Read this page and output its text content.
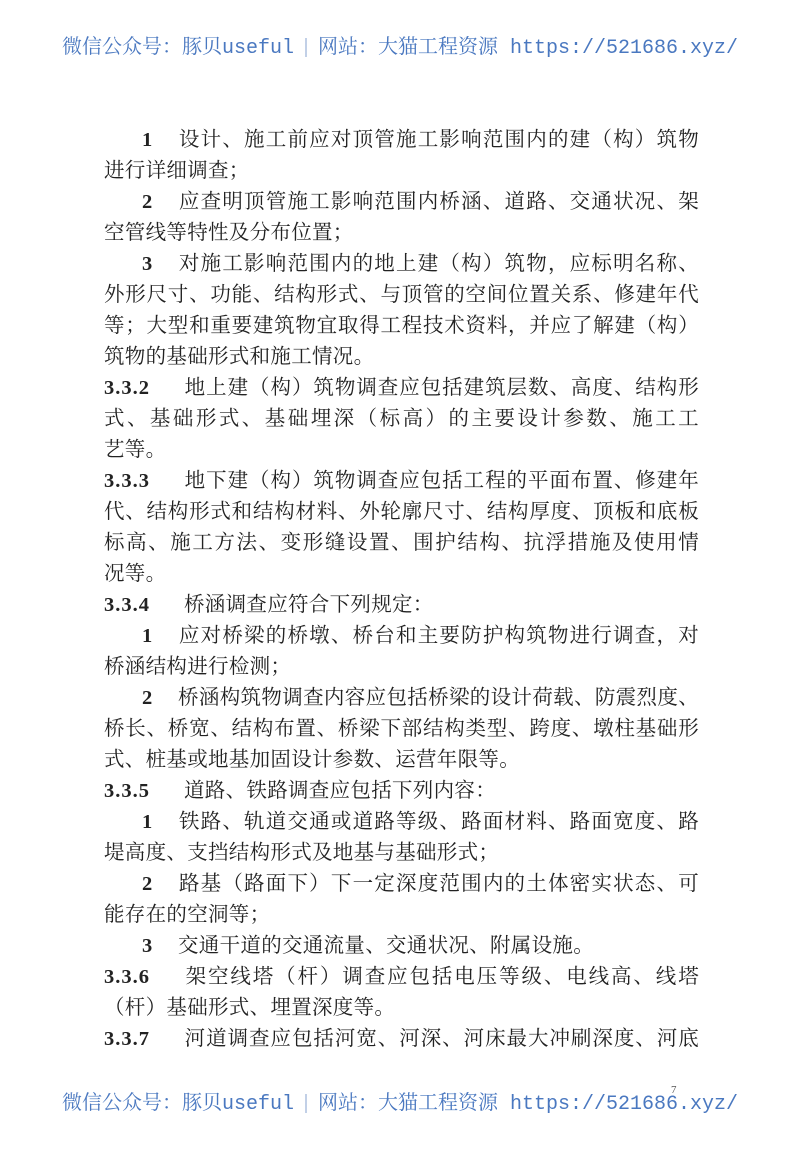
微信公众号：豚贝useful | 网站：大猫工程资源 https://521686.xyz/
1 设计、施工前应对顶管施工影响范围内的建（构）筑物
进行详细调查；
2 应查明顶管施工影响范围内桥涵、道路、交通状况、架
空管线等特性及分布位置；
3 对施工影响范围内的地上建（构）筑物，应标明名称、
外形尺寸、功能、结构形式、与顶管的空间位置关系、修建年代
等；大型和重要建筑物宜取得工程技术资料，并应了解建（构）
筑物的基础形式和施工情况。
3.3.2 地上建（构）筑物调查应包括建筑层数、高度、结构形
式、基础形式、基础埋深（标高）的主要设计参数、施工工
艺等。
3.3.3 地下建（构）筑物调查应包括工程的平面布置、修建年
代、结构形式和结构材料、外轮廓尺寸、结构厚度、顶板和底板
标高、施工方法、变形缝设置、围护结构、抗浮措施及使用情
况等。
3.3.4 桥涵调查应符合下列规定：
1 应对桥梁的桥墩、桥台和主要防护构筑物进行调查，对
桥涵结构进行检测；
2 桥涵构筑物调查内容应包括桥梁的设计荷载、防震烈度、
桥长、桥宽、结构布置、桥梁下部结构类型、跨度、墩柱基础形
式、桩基或地基加固设计参数、运营年限等。
3.3.5 道路、铁路调查应包括下列内容：
1 铁路、轨道交通或道路等级、路面材料、路面宽度、路
堤高度、支挡结构形式及地基与基础形式；
2 路基（路面下）下一定深度范围内的土体密实状态、可
能存在的空洞等；
3 交通干道的交通流量、交通状况、附属设施。
3.3.6 架空线塔（杆）调查应包括电压等级、电线高、线塔
（杆）基础形式、埋置深度等。
3.3.7 河道调查应包括河宽、河深、河床最大冲刷深度、河底
7
微信公众号：豚贝useful | 网站：大猫工程资源 https://521686.xyz/
